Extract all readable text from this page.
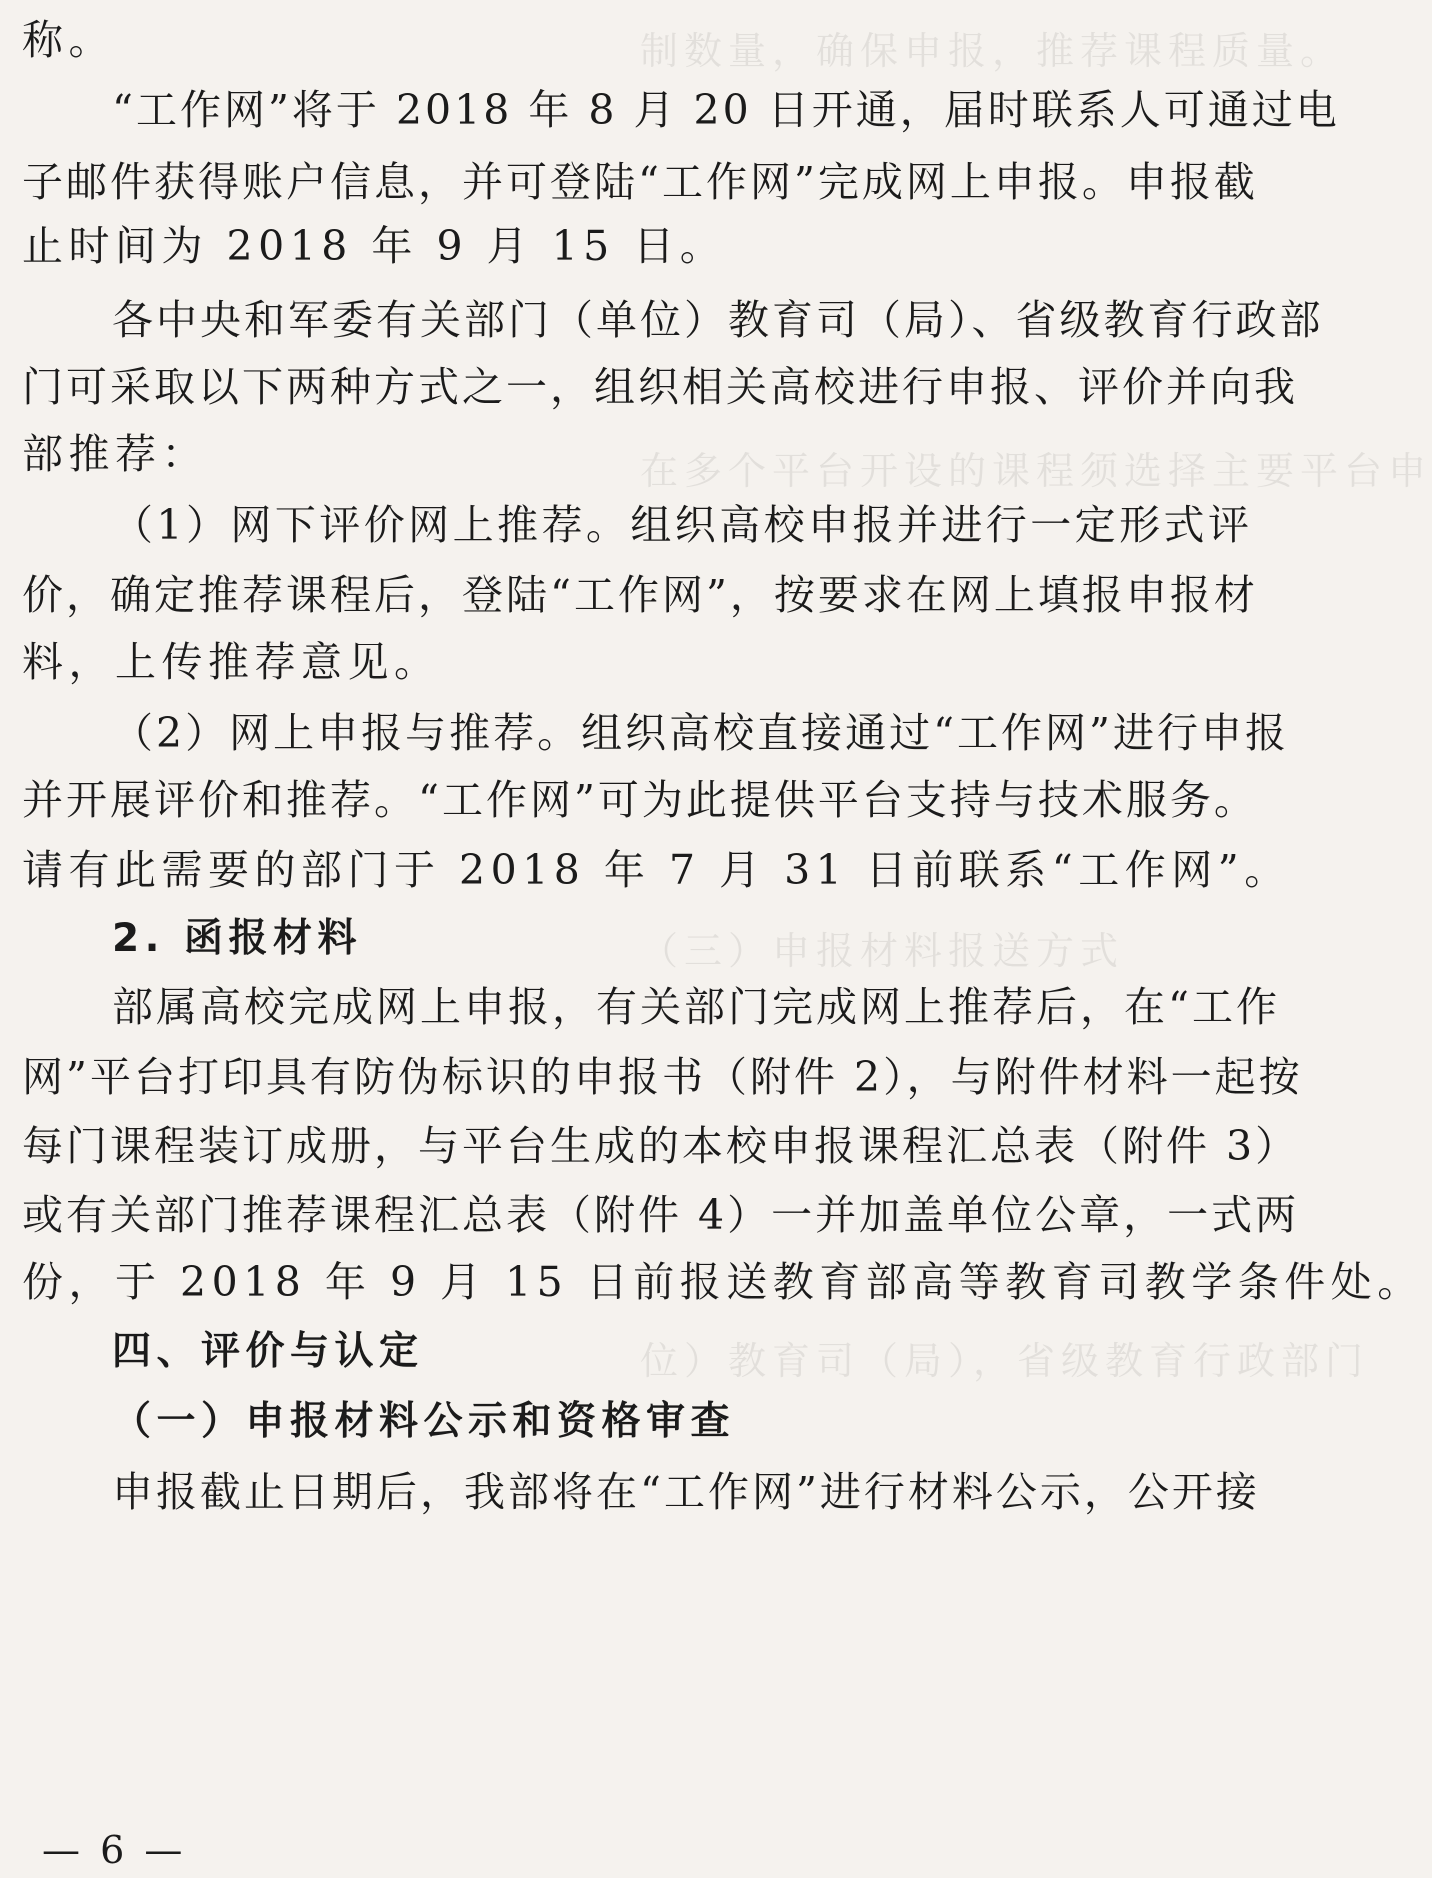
制数量，确保申报，推荐课程质量。
在多个平台开设的课程须选择主要平台申
（三）申报材料报送方式
位）教育司（局），省级教育行政部门
称。
“工作网”将于 2018 年 8 月 20 日开通，届时联系人可通过电
子邮件获得账户信息，并可登陆“工作网”完成网上申报。申报截
止时间为 2018 年 9 月 15 日。
各中央和军委有关部门（单位）教育司（局）、省级教育行政部
门可采取以下两种方式之一，组织相关高校进行申报、评价并向我
部推荐：
（1）网下评价网上推荐。组织高校申报并进行一定形式评
价，确定推荐课程后，登陆“工作网”，按要求在网上填报申报材
料，上传推荐意见。
（2）网上申报与推荐。组织高校直接通过“工作网”进行申报
并开展评价和推荐。“工作网”可为此提供平台支持与技术服务。
请有此需要的部门于 2018 年 7 月 31 日前联系“工作网”。
2. 函报材料
部属高校完成网上申报，有关部门完成网上推荐后，在“工作
网”平台打印具有防伪标识的申报书（附件 2），与附件材料一起按
每门课程装订成册，与平台生成的本校申报课程汇总表（附件 3）
或有关部门推荐课程汇总表（附件 4）一并加盖单位公章，一式两
份，于 2018 年 9 月 15 日前报送教育部高等教育司教学条件处。
四、评价与认定
（一）申报材料公示和资格审查
申报截止日期后，我部将在“工作网”进行材料公示，公开接
— 6 —
